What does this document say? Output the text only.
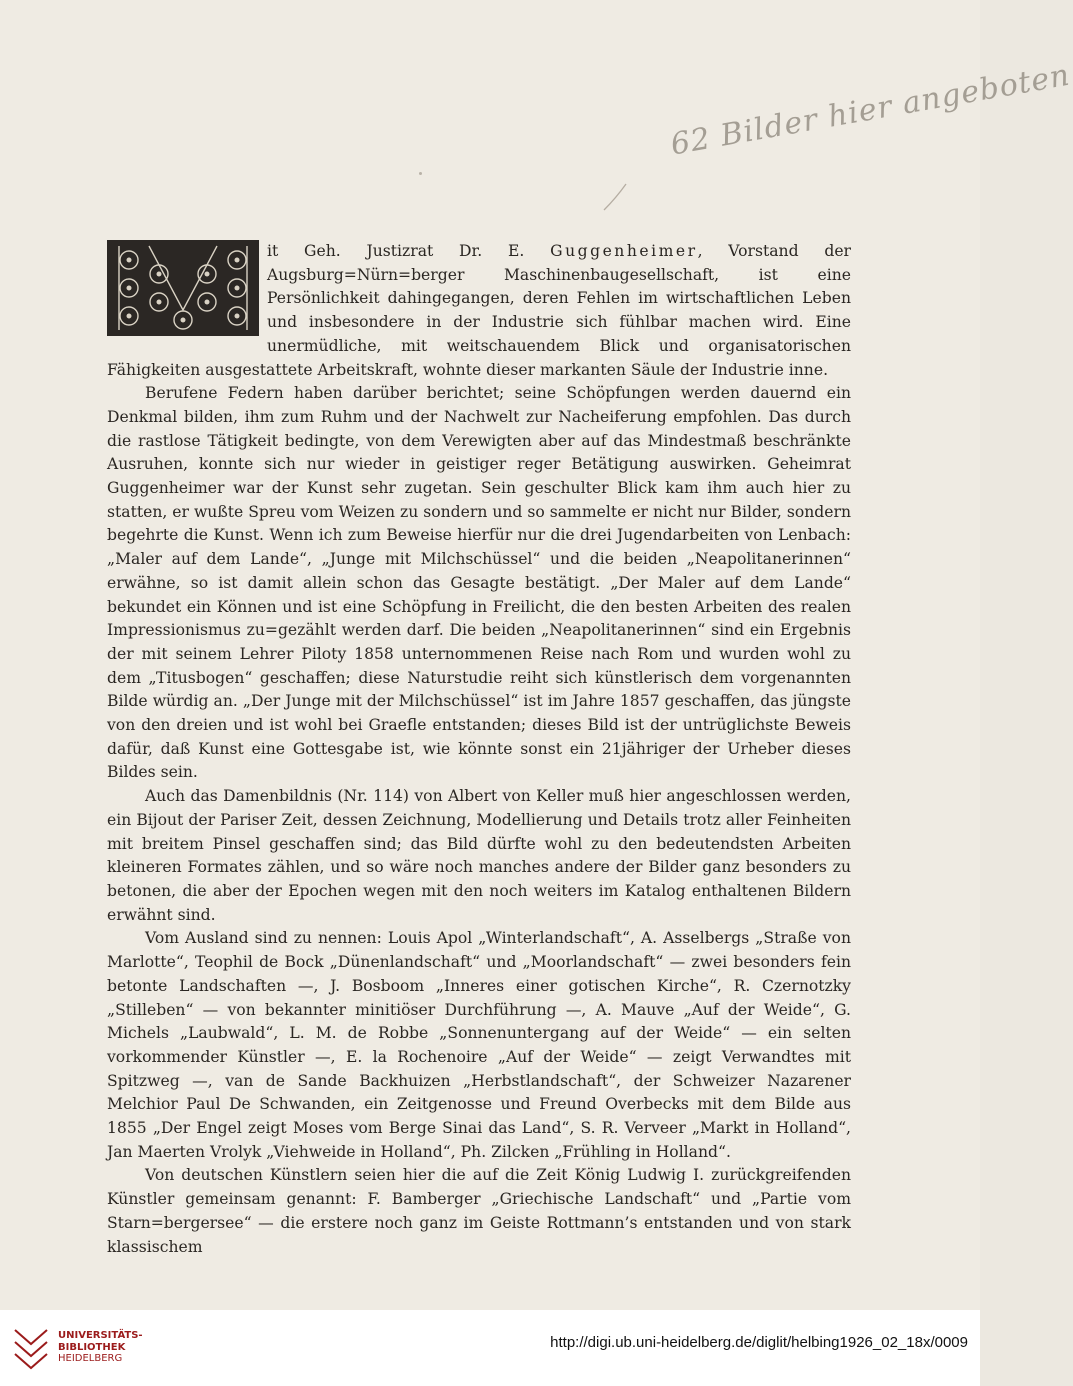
62 Bilder hier angeboten

it Geh. Justizrat Dr. E. Guggenheimer, Vorstand der Augsburg=Nürn=berger Maschinenbaugesellschaft, ist eine Persönlichkeit dahingegangen, deren Fehlen im wirtschaftlichen Leben und insbesondere in der Industrie sich fühlbar machen wird. Eine unermüdliche, mit weitschauendem Blick und organisatorischen Fähigkeiten ausgestattete Arbeitskraft, wohnte dieser markanten Säule der Industrie inne.

Berufene Federn haben darüber berichtet; seine Schöpfungen werden dauernd ein Denkmal bilden, ihm zum Ruhm und der Nachwelt zur Nacheiferung empfohlen. Das durch die rastlose Tätigkeit bedingte, von dem Verewigten aber auf das Mindestmaß beschränkte Ausruhen, konnte sich nur wieder in geistiger reger Betätigung auswirken. Geheimrat Guggenheimer war der Kunst sehr zugetan. Sein geschulter Blick kam ihm auch hier zu statten, er wußte Spreu vom Weizen zu sondern und so sammelte er nicht nur Bilder, sondern begehrte die Kunst. Wenn ich zum Beweise hierfür nur die drei Jugendarbeiten von Lenbach: „Maler auf dem Lande“, „Junge mit Milchschüssel“ und die beiden „Neapolitanerinnen“ erwähne, so ist damit allein schon das Gesagte bestätigt. „Der Maler auf dem Lande“ bekundet ein Können und ist eine Schöpfung in Freilicht, die den besten Arbeiten des realen Impressionismus zu=gezählt werden darf. Die beiden „Neapolitanerinnen“ sind ein Ergebnis der mit seinem Lehrer Piloty 1858 unternommenen Reise nach Rom und wurden wohl zu dem „Titusbogen“ geschaffen; diese Naturstudie reiht sich künstlerisch dem vorgenannten Bilde würdig an. „Der Junge mit der Milchschüssel“ ist im Jahre 1857 geschaffen, das jüngste von den dreien und ist wohl bei Graefle entstanden; dieses Bild ist der untrüglichste Beweis dafür, daß Kunst eine Gottesgabe ist, wie könnte sonst ein 21jähriger der Urheber dieses Bildes sein.

Auch das Damenbildnis (Nr. 114) von Albert von Keller muß hier angeschlossen werden, ein Bijout der Pariser Zeit, dessen Zeichnung, Modellierung und Details trotz aller Feinheiten mit breitem Pinsel geschaffen sind; das Bild dürfte wohl zu den bedeutendsten Arbeiten kleineren Formates zählen, und so wäre noch manches andere der Bilder ganz besonders zu betonen, die aber der Epochen wegen mit den noch weiters im Katalog enthaltenen Bildern erwähnt sind.

Vom Ausland sind zu nennen: Louis Apol „Winterlandschaft“, A. Asselbergs „Straße von Marlotte“, Teophil de Bock „Dünenlandschaft“ und „Moorlandschaft“ — zwei besonders fein betonte Landschaften —, J. Bosboom „Inneres einer gotischen Kirche“, R. Czernotzky „Stilleben“ — von bekannter minitiöser Durchführung —, A. Mauve „Auf der Weide“, G. Michels „Laubwald“, L. M. de Robbe „Sonnenuntergang auf der Weide“ — ein selten vorkommender Künstler —, E. la Rochenoire „Auf der Weide“ — zeigt Verwandtes mit Spitzweg —, van de Sande Backhuizen „Herbstlandschaft“, der Schweizer Nazarener Melchior Paul De Schwanden, ein Zeitgenosse und Freund Overbecks mit dem Bilde aus 1855 „Der Engel zeigt Moses vom Berge Sinai das Land“, S. R. Verveer „Markt in Holland“, Jan Maerten Vrolyk „Viehweide in Holland“, Ph. Zilcken „Frühling in Holland“.

Von deutschen Künstlern seien hier die auf die Zeit König Ludwig I. zurückgreifenden Künstler gemeinsam genannt: F. Bamberger „Griechische Landschaft“ und „Partie vom Starn=bergersee“ — die erstere noch ganz im Geiste Rottmann’s entstanden und von stark klassischem

UNIVERSITÄTS-
BIBLIOTHEK
HEIDELBERG
http://digi.ub.uni-heidelberg.de/diglit/helbing1926_02_18x/0009
